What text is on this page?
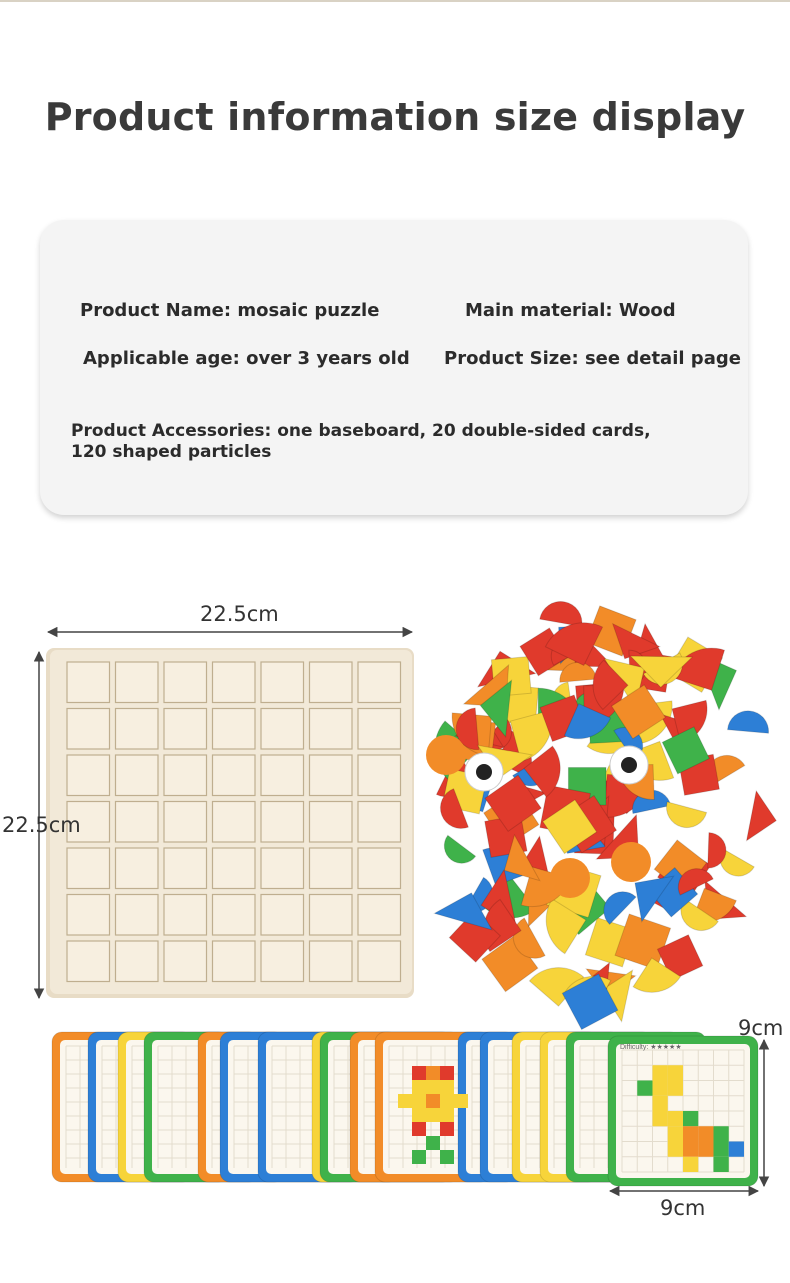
Product information size display
Product Name: mosaic puzzle	Main material: Wood
Applicable age: over 3 years old Product Size: see detail page
Product Accessories: one baseboard, 20 double-sided cards,
120 shaped particles
Difficulty: ★★★★★
22.5cm
22.5cm
9cm
9cm
